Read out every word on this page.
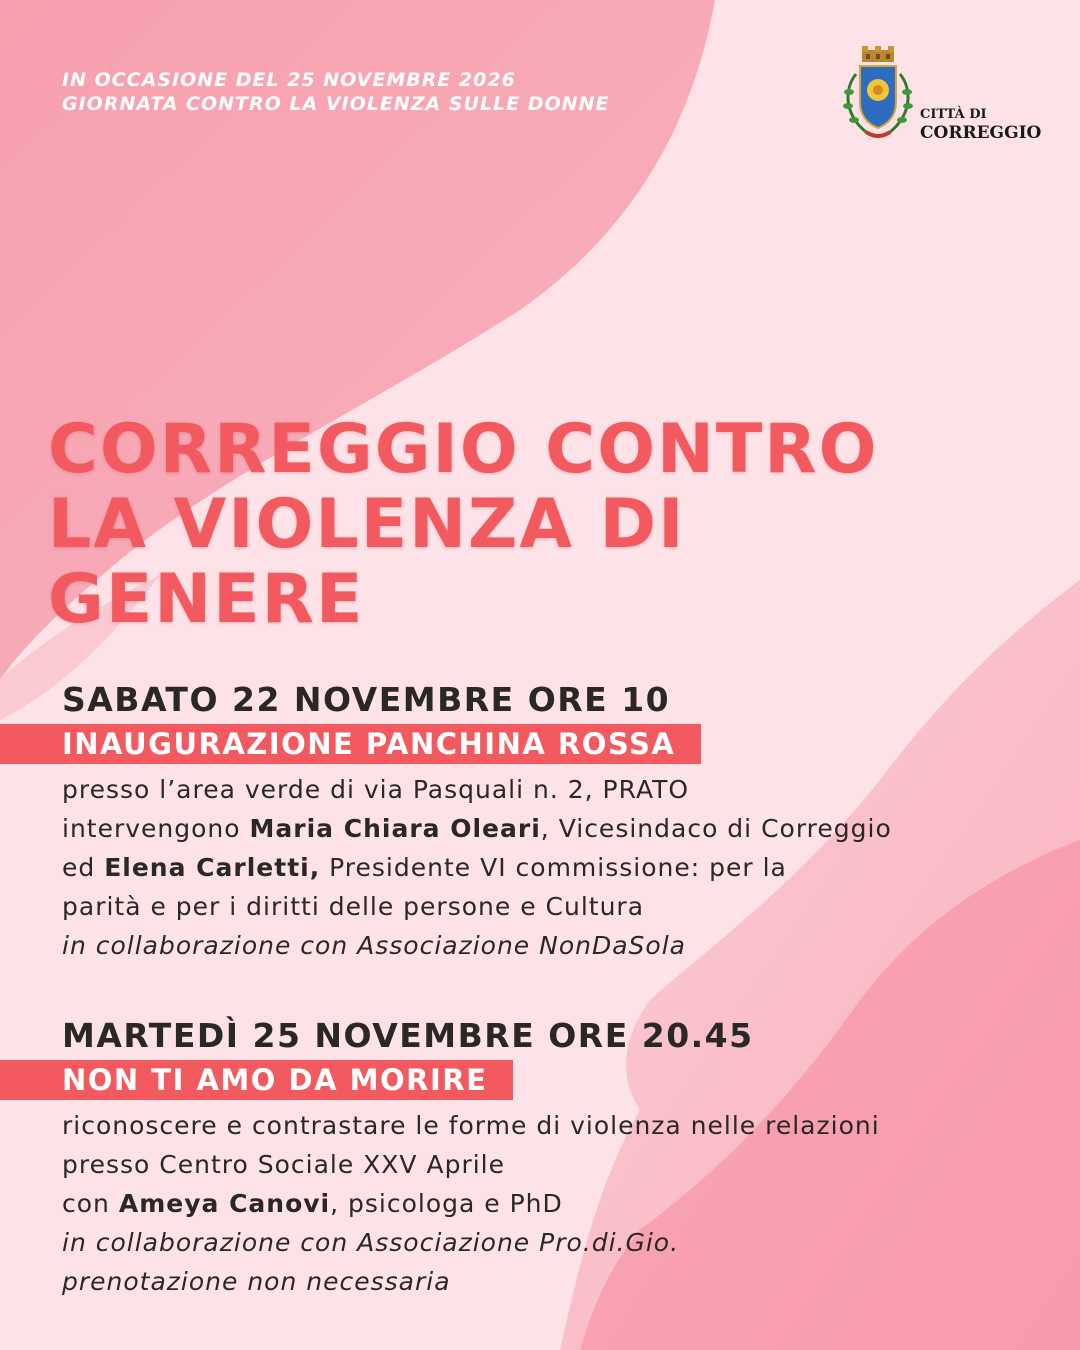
IN OCCASIONE DEL 25 NOVEMBRE 2026
GIORNATA CONTRO LA VIOLENZA SULLE DONNE	CITTÀ DI
CORREGGIO
CORREGGIO CONTRO
LA VIOLENZA DI
GENERE
SABATO 22 NOVEMBRE ORE 10
INAUGURAZIONE PANCHINA ROSSA
presso l’area verde di via Pasquali n. 2, PRATO
intervengono Maria Chiara Oleari, Vicesindaco di Correggio
ed Elena Carletti, Presidente VI commissione: per la
parità e per i diritti delle persone e Cultura
in collaborazione con Associazione NonDaSola
MARTEDÌ 25 NOVEMBRE ORE 20.45
NON TI AMO DA MORIRE
riconoscere e contrastare le forme di violenza nelle relazioni
presso Centro Sociale XXV Aprile
con Ameya Canovi, psicologa e PhD
in collaborazione con Associazione Pro.di.Gio.
prenotazione non necessaria
